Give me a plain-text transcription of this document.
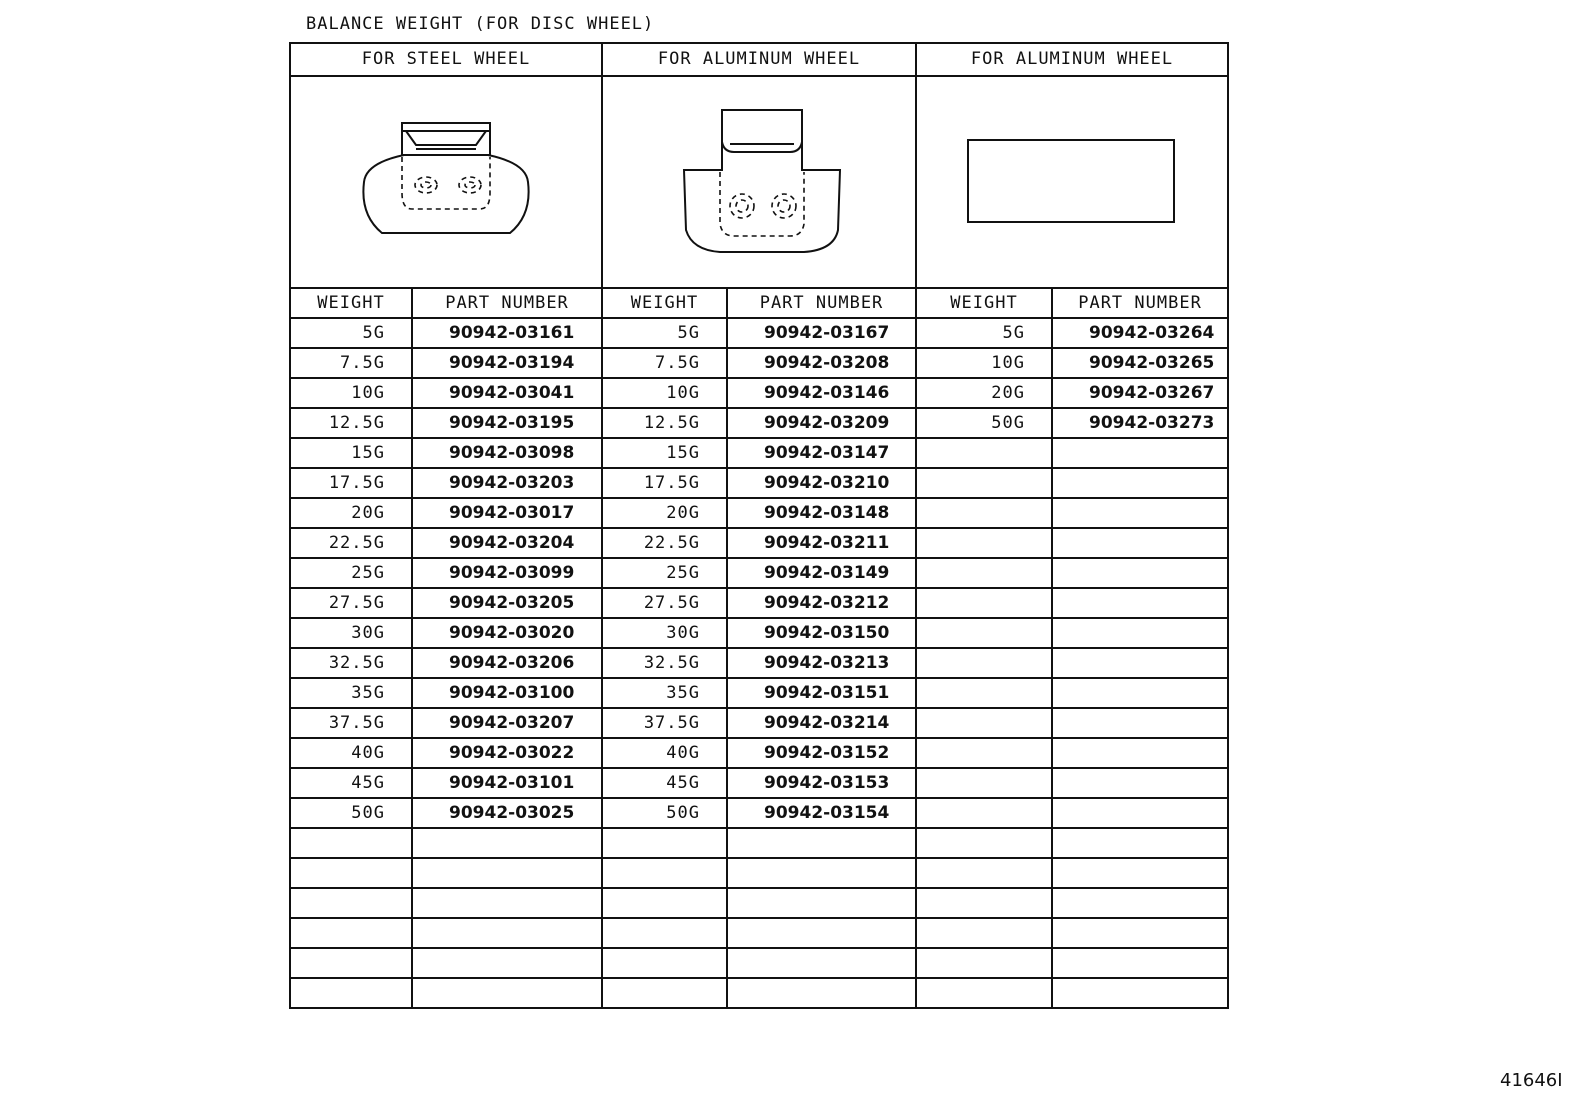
BALANCE WEIGHT (FOR DISC WHEEL)
FOR STEEL WHEEL		FOR ALUMINUM WHEEL		FOR ALUMINUM WHEEL	

WEIGHT	PART NUMBER	WEIGHT	PART NUMBER	WEIGHT	PART NUMBER
5G	90942-03161	5G	90942-03167	5G	90942-03264
7.5G	90942-03194	7.5G	90942-03208	10G	90942-03265
10G	90942-03041	10G	90942-03146	20G	90942-03267
12.5G	90942-03195	12.5G	90942-03209	50G	90942-03273
15G	90942-03098	15G	90942-03147		
17.5G	90942-03203	17.5G	90942-03210		
20G	90942-03017	20G	90942-03148		
22.5G	90942-03204	22.5G	90942-03211		
25G	90942-03099	25G	90942-03149		
27.5G	90942-03205	27.5G	90942-03212		
30G	90942-03020	30G	90942-03150		
32.5G	90942-03206	32.5G	90942-03213		
35G	90942-03100	35G	90942-03151		
37.5G	90942-03207	37.5G	90942-03214		
40G	90942-03022	40G	90942-03152		
45G	90942-03101	45G	90942-03153		
50G	90942-03025	50G	90942-03154		

41646I
